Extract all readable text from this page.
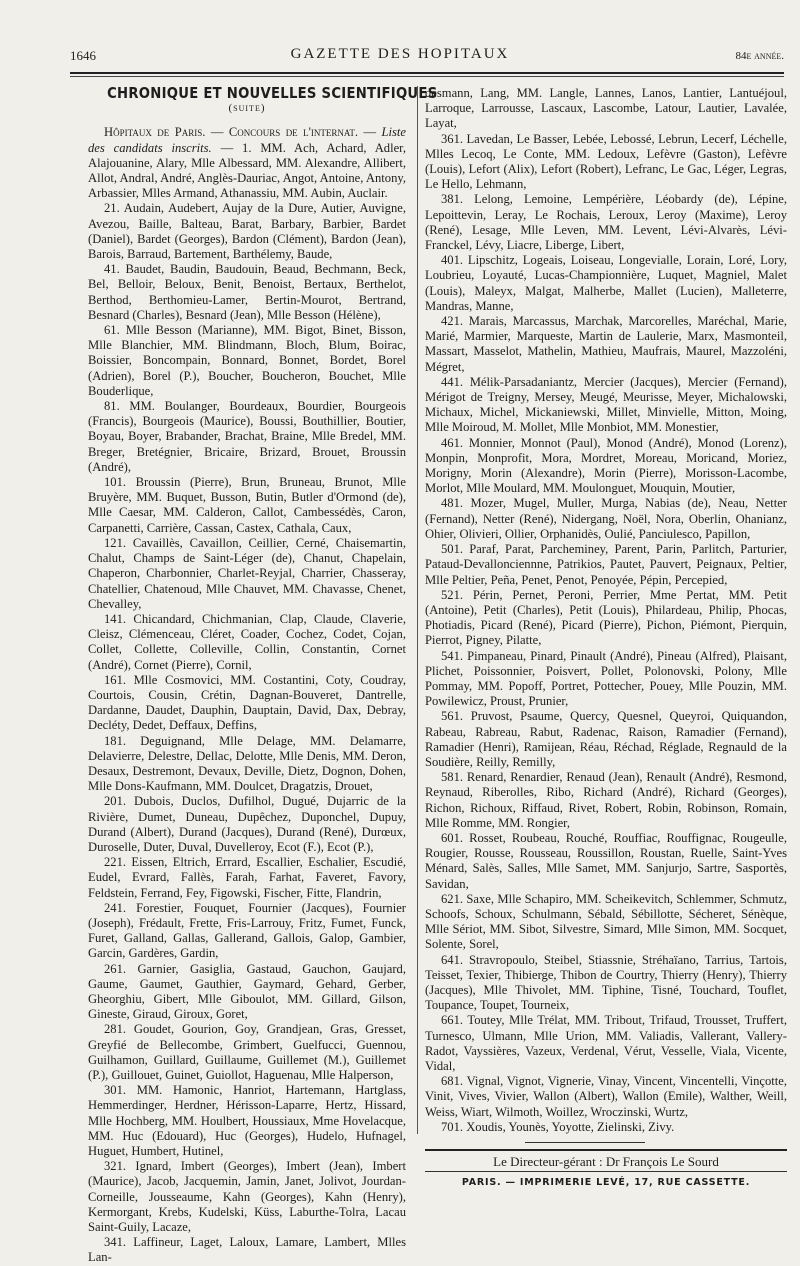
1646	GAZETTE DES HOPITAUX	84e année.
CHRONIQUE ET NOUVELLES SCIENTIFIQUES
(suite)

Hôpitaux de Paris. — Concours de l'internat. — Liste des candidats inscrits. — 1. MM. Ach, Achard, Adler, Alajouanine, Alary, Mlle Albessard, MM. Alexandre, Allibert, Allot, Andral, André, Anglès-Dauriac, Angot, Antoine, Antony, Arbassier, Mlles Armand, Athanassiu, MM. Aubin, Auclair.

21. Audain, Audebert, Aujay de la Dure, Autier, Auvigne, Avezou, Baille, Balteau, Barat, Barbary, Barbier, Bardet (Daniel), Bardet (Georges), Bardon (Clément), Bardon (Jean), Barois, Barraud, Bartement, Barthélemy, Baude,

41. Baudet, Baudin, Baudouin, Beaud, Bechmann, Beck, Bel, Belloir, Beloux, Benit, Benoist, Bertaux, Berthelot, Berthod, Berthomieu-Lamer, Bertin-Mourot, Bertrand, Besnard (Charles), Besnard (Jean), Mlle Besson (Hélène),

61. Mlle Besson (Marianne), MM. Bigot, Binet, Bisson, Mlle Blanchier, MM. Blindmann, Bloch, Blum, Boirac, Boissier, Boncompain, Bonnard, Bonnet, Bordet, Borel (Adrien), Borel (P.), Boucher, Boucheron, Bouchet, Mlle Bouderlique,

81. MM. Boulanger, Bourdeaux, Bourdier, Bourgeois (Francis), Bourgeois (Maurice), Boussi, Bouthillier, Boutier, Boyau, Boyer, Brabander, Brachat, Braine, Mlle Bredel, MM. Breger, Bretégnier, Bricaire, Brizard, Brouet, Broussin (André),

101. Broussin (Pierre), Brun, Bruneau, Brunot, Mlle Bruyère, MM. Buquet, Busson, Butin, Butler d'Ormond (de), Mlle Caesar, MM. Calderon, Callot, Cambessédès, Caron, Carpanetti, Carrière, Cassan, Castex, Cathala, Caux,

121. Cavaillès, Cavaillon, Ceillier, Cerné, Chaisemartin, Chalut, Champs de Saint-Léger (de), Chanut, Chapelain, Chaperon, Charbonnier, Charlet-Reyjal, Charrier, Chasseray, Chatellier, Chatenoud, Mlle Chauvet, MM. Chavasse, Chenet, Chevalley,

141. Chicandard, Chichmanian, Clap, Claude, Claverie, Cleisz, Clémenceau, Cléret, Coader, Cochez, Codet, Cojan, Collet, Collette, Colleville, Collin, Constantin, Cornet (André), Cornet (Pierre), Cornil,

161. Mlle Cosmovici, MM. Costantini, Coty, Coudray, Courtois, Cousin, Crétin, Dagnan-Bouveret, Dantrelle, Dardanne, Daudet, Dauphin, Dauptain, David, Dax, Debray, Decléty, Dedet, Deffaux, Deffins,

181. Deguignand, Mlle Delage, MM. Delamarre, Delavierre, Delestre, Dellac, Delotte, Mlle Denis, MM. Deron, Desaux, Destremont, Devaux, Deville, Dietz, Dognon, Dohen, Mlle Dons-Kaufmann, MM. Doulcet, Dragatzis, Drouet,

201. Dubois, Duclos, Dufilhol, Dugué, Dujarric de la Rivière, Dumet, Duneau, Dupêchez, Duponchel, Dupuy, Durand (Albert), Durand (Jacques), Durand (René), Durœux, Duroselle, Duter, Duval, Duvelleroy, Ecot (F.), Ecot (P.),

221. Eissen, Eltrich, Errard, Escallier, Eschalier, Escudié, Eudel, Evrard, Fallès, Farah, Farhat, Faveret, Favory, Feldstein, Ferrand, Fey, Figowski, Fischer, Fitte, Flandrin,

241. Forestier, Fouquet, Fournier (Jacques), Fournier (Joseph), Frédault, Frette, Fris-Larrouy, Fritz, Fumet, Funck, Furet, Galland, Gallas, Gallerand, Gallois, Galop, Gambier, Garcin, Gardères, Gardin,

261. Garnier, Gasiglia, Gastaud, Gauchon, Gaujard, Gaume, Gaumet, Gauthier, Gaymard, Gehard, Gerber, Gheorghiu, Gibert, Mlle Giboulot, MM. Gillard, Gilson, Gineste, Giraud, Giroux, Goret,

281. Goudet, Gourion, Goy, Grandjean, Gras, Gresset, Greyfié de Bellecombe, Grimbert, Guelfucci, Guennou, Guilhamon, Guillard, Guillaume, Guillemet (M.), Guillemet (P.), Guillouet, Guinet, Guiollot, Haguenau, Mlle Halperson,

301. MM. Hamonic, Hanriot, Hartemann, Hartglass, Hemmerdinger, Herdner, Hérisson-Laparre, Hertz, Hissard, Mlle Hochberg, MM. Houlbert, Houssiaux, Mme Hovelacque, MM. Huc (Edouard), Huc (Georges), Hudelo, Hufnagel, Huguet, Humbert, Hutinel,

321. Ignard, Imbert (Georges), Imbert (Jean), Imbert (Maurice), Jacob, Jacquemin, Jamin, Janet, Jolivot, Jourdan-Corneille, Jousseaume, Kahn (Georges), Kahn (Henry), Kermorgant, Krebs, Kudelski, Küss, Laburthe-Tolra, Lacau Saint-Guily, Lacaze,

341. Laffineur, Laget, Laloux, Lamare, Lambert, Mlles Lan-

desmann, Lang, MM. Langle, Lannes, Lanos, Lantier, Lantuéjoul, Larroque, Larrousse, Lascaux, Lascombe, Latour, Lautier, Lavalée, Layat,

361. Lavedan, Le Basser, Lebée, Lebossé, Lebrun, Lecerf, Léchelle, Mlles Lecoq, Le Conte, MM. Ledoux, Lefèvre (Gaston), Lefèvre (Louis), Lefort (Alix), Lefort (Robert), Lefranc, Le Gac, Léger, Legras, Le Hello, Lehmann,

381. Lelong, Lemoine, Lempérière, Léobardy (de), Lépine, Lepoittevin, Leray, Le Rochais, Leroux, Leroy (Maxime), Leroy (René), Lesage, Mlle Leven, MM. Levent, Lévi-Alvarès, Lévi-Franckel, Lévy, Liacre, Liberge, Libert,

401. Lipschitz, Logeais, Loiseau, Longevialle, Lorain, Loré, Lory, Loubrieu, Loyauté, Lucas-Championnière, Luquet, Magniel, Malet (Louis), Maleyx, Malgat, Malherbe, Mallet (Lucien), Malleterre, Mandras, Manne,

421. Marais, Marcassus, Marchak, Marcorelles, Maréchal, Marie, Marié, Marmier, Marqueste, Martin de Laulerie, Marx, Masmonteil, Massart, Masselot, Mathelin, Mathieu, Maufrais, Maurel, Mazzoléni, Mégret,

441. Mélik-Parsadaniantz, Mercier (Jacques), Mercier (Fernand), Mérigot de Treigny, Mersey, Meugé, Meurisse, Meyer, Michalowski, Michaux, Michel, Mickaniewski, Millet, Minvielle, Mitton, Moing, Mlle Moiroud, M. Mollet, Mlle Monbiot, MM. Monestier,

461. Monnier, Monnot (Paul), Monod (André), Monod (Lorenz), Monpin, Monprofit, Mora, Mordret, Moreau, Moricand, Moriez, Morigny, Morin (Alexandre), Morin (Pierre), Morisson-Lacombe, Morlot, Mlle Moulard, MM. Moulonguet, Mouquin, Moutier,

481. Mozer, Mugel, Muller, Murga, Nabias (de), Neau, Netter (Fernand), Netter (René), Nidergang, Noël, Nora, Oberlin, Ohanianz, Ohier, Olivieri, Ollier, Orphanidès, Oulié, Panciulesco, Papillon,

501. Paraf, Parat, Parcheminey, Parent, Parin, Parlitch, Parturier, Pataud-Devallonciennne, Patrikios, Pautet, Pauvert, Peignaux, Peltier, Mlle Peltier, Peña, Penet, Penot, Penoyée, Pépin, Percepied,

521. Périn, Pernet, Peroni, Perrier, Mme Pertat, MM. Petit (Antoine), Petit (Charles), Petit (Louis), Philardeau, Philip, Phocas, Photiadis, Picard (René), Picard (Pierre), Pichon, Piémont, Pierquin, Pierrot, Pigney, Pilatte,

541. Pimpaneau, Pinard, Pinault (André), Pineau (Alfred), Plaisant, Plichet, Poissonnier, Poisvert, Pollet, Polonovski, Polony, Mlle Pommay, MM. Popoff, Portret, Pottecher, Pouey, Mlle Pouzin, MM. Powilewicz, Proust, Prunier,

561. Pruvost, Psaume, Quercy, Quesnel, Queyroi, Quiquandon, Rabeau, Rabreau, Rabut, Radenac, Raison, Ramadier (Fernand), Ramadier (Henri), Ramijean, Réau, Réchad, Réglade, Regnauld de la Soudière, Reilly, Remilly,

581. Renard, Renardier, Renaud (Jean), Renault (André), Resmond, Reynaud, Riberolles, Ribo, Richard (André), Richard (Georges), Richon, Richoux, Riffaud, Rivet, Robert, Robin, Robinson, Romain, Mlle Romme, MM. Rongier,

601. Rosset, Roubeau, Rouché, Rouffiac, Rouffignac, Rougeulle, Rougier, Rousse, Rousseau, Roussillon, Roustan, Ruelle, Saint-Yves Ménard, Salès, Salles, Mlle Samet, MM. Sanjurjo, Sartre, Sasportès, Savidan,

621. Saxe, Mlle Schapiro, MM. Scheikevitch, Schlemmer, Schmutz, Schoofs, Schoux, Schulmann, Sébald, Sébillotte, Sécheret, Sénèque, Mlle Sériot, MM. Sibot, Silvestre, Simard, Mlle Simon, MM. Socquet, Solente, Sorel,

641. Stravropoulo, Steibel, Stiassnie, Stréhaïano, Tarrius, Tartois, Teisset, Texier, Thibierge, Thibon de Courtry, Thierry (Henry), Thierry (Jacques), Mlle Thivolet, MM. Tiphine, Tisné, Touchard, Touflet, Toupance, Toupet, Tourneix,

661. Toutey, Mlle Trélat, MM. Tribout, Trifaud, Trousset, Truffert, Turnesco, Ulmann, Mlle Urion, MM. Valiadis, Vallerant, Vallery-Radot, Vayssières, Vazeux, Verdenal, Vérut, Vesselle, Viala, Vicente, Vidal,

681. Vignal, Vignot, Vignerie, Vinay, Vincent, Vincentelli, Vinçotte, Vinit, Vives, Vivier, Wallon (Albert), Wallon (Emile), Walther, Weill, Weiss, Wiart, Wilmoth, Woillez, Wroczinski, Wurtz,

701. Xoudis, Younès, Yoyotte, Zielinski, Zivy.

Le Directeur-gérant : Dr François Le Sourd
PARIS. — IMPRIMERIE LEVÉ, 17, RUE CASSETTE.
